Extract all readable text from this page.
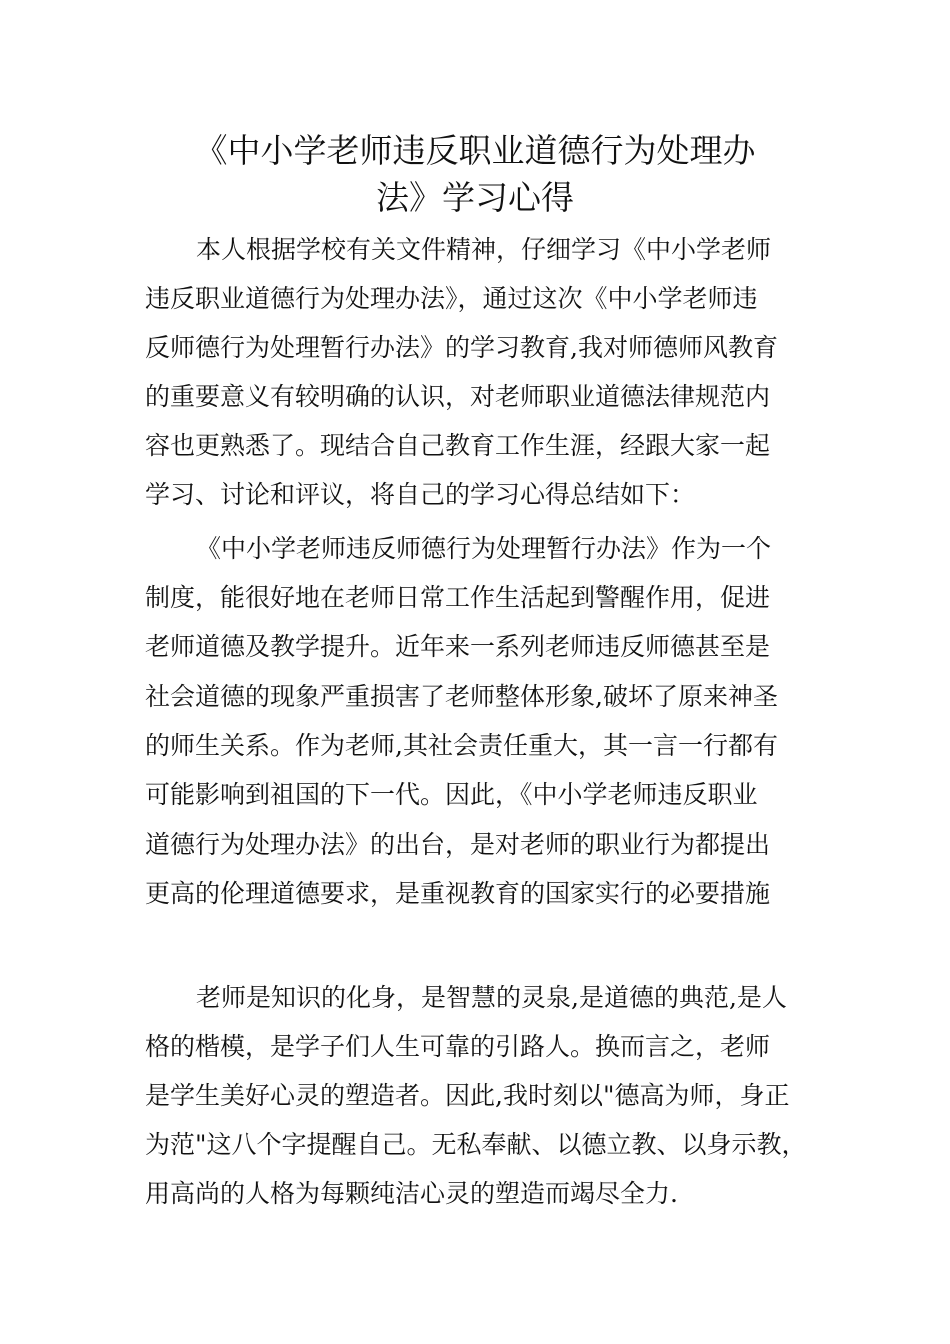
《中小学老师违反职业道德行为处理办
法》学习心得

本人根据学校有关文件精神，仔细学习《中小学老师

违反职业道德行为处理办法》，通过这次《中小学老师违

反师德行为处理暂行办法》的学习教育,我对师德师风教育

的重要意义有较明确的认识，对老师职业道德法律规范内

容也更熟悉了。现结合自己教育工作生涯，经跟大家一起

学习、讨论和评议，将自己的学习心得总结如下：

《中小学老师违反师德行为处理暂行办法》作为一个

制度，能很好地在老师日常工作生活起到警醒作用，促进

老师道德及教学提升。近年来一系列老师违反师德甚至是

社会道德的现象严重损害了老师整体形象,破坏了原来神圣

的师生关系。作为老师,其社会责任重大，其一言一行都有

可能影响到祖国的下一代。因此，《中小学老师违反职业

道德行为处理办法》的出台，是对老师的职业行为都提出

更高的伦理道德要求，是重视教育的国家实行的必要措施

老师是知识的化身，是智慧的灵泉,是道德的典范,是人

格的楷模，是学子们人生可靠的引路人。换而言之，老师

是学生美好心灵的塑造者。因此,我时刻以"德高为师，身正

为范"这八个字提醒自己。无私奉献、以德立教、以身示教，

用高尚的人格为每颗纯洁心灵的塑造而竭尽全力.
